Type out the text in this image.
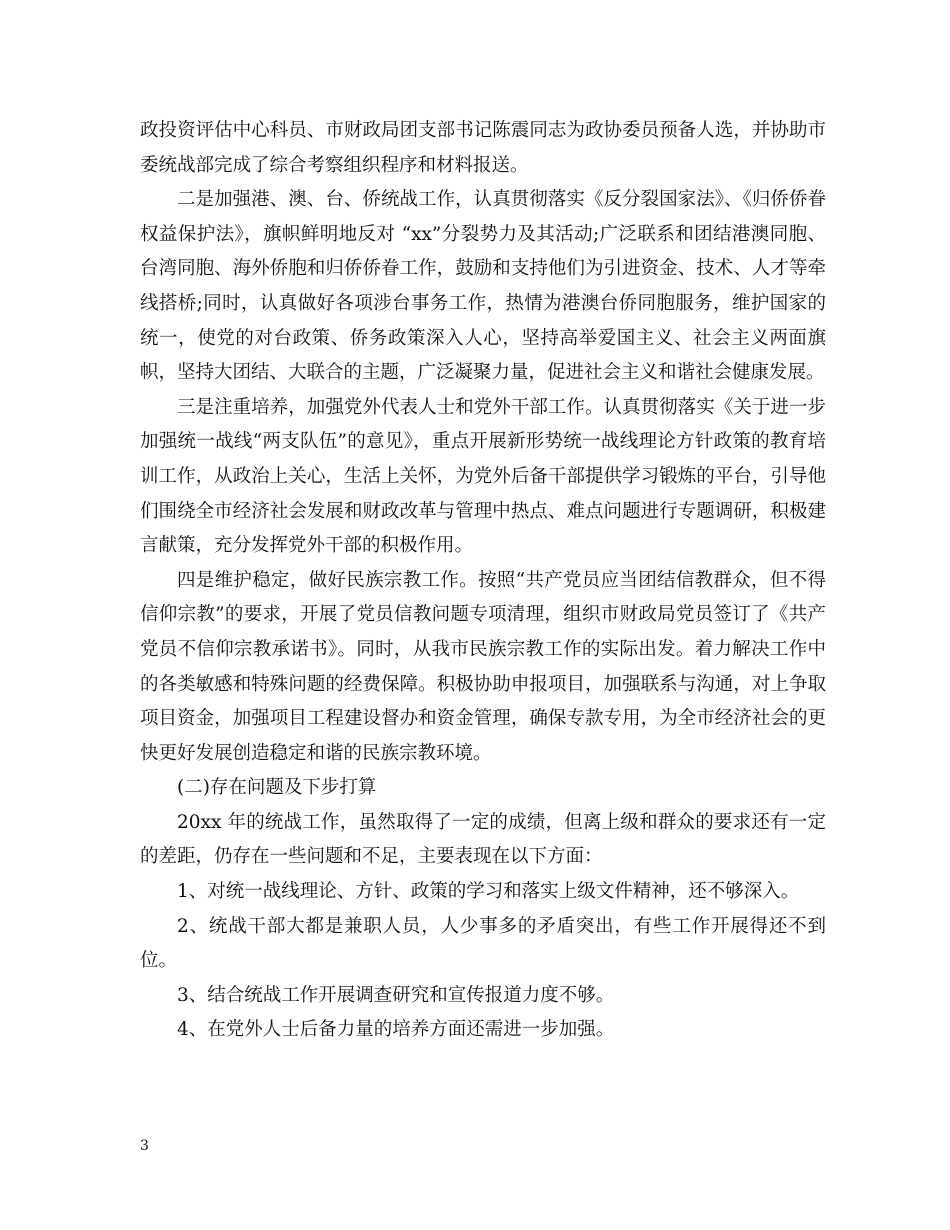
政投资评估中心科员、市财政局团支部书记陈震同志为政协委员预备人选，并协助市委统战部完成了综合考察组织程序和材料报送。

二是加强港、澳、台、侨统战工作，认真贯彻落实《反分裂国家法》、《归侨侨眷权益保护法》，旗帜鲜明地反对 “xx”分裂势力及其活动;广泛联系和团结港澳同胞、台湾同胞、海外侨胞和归侨侨眷工作，鼓励和支持他们为引进资金、技术、人才等牵线搭桥;同时，认真做好各项涉台事务工作，热情为港澳台侨同胞服务，维护国家的统一，使党的对台政策、侨务政策深入人心，坚持高举爱国主义、社会主义两面旗帜，坚持大团结、大联合的主题，广泛凝聚力量，促进社会主义和谐社会健康发展。

三是注重培养，加强党外代表人士和党外干部工作。认真贯彻落实《关于进一步加强统一战线“两支队伍”的意见》，重点开展新形势统一战线理论方针政策的教育培训工作，从政治上关心，生活上关怀，为党外后备干部提供学习锻炼的平台，引导他们围绕全市经济社会发展和财政改革与管理中热点、难点问题进行专题调研，积极建言献策，充分发挥党外干部的积极作用。

四是维护稳定，做好民族宗教工作。按照“共产党员应当团结信教群众，但不得信仰宗教”的要求，开展了党员信教问题专项清理，组织市财政局党员签订了《共产党员不信仰宗教承诺书》。同时，从我市民族宗教工作的实际出发。着力解决工作中的各类敏感和特殊问题的经费保障。积极协助申报项目，加强联系与沟通，对上争取项目资金，加强项目工程建设督办和资金管理，确保专款专用，为全市经济社会的更快更好发展创造稳定和谐的民族宗教环境。

(二)存在问题及下步打算

20xx 年的统战工作，虽然取得了一定的成绩，但离上级和群众的要求还有一定的差距，仍存在一些问题和不足，主要表现在以下方面：

1、对统一战线理论、方针、政策的学习和落实上级文件精神，还不够深入。

2、统战干部大都是兼职人员，人少事多的矛盾突出，有些工作开展得还不到位。

3、结合统战工作开展调查研究和宣传报道力度不够。

4、在党外人士后备力量的培养方面还需进一步加强。

3
